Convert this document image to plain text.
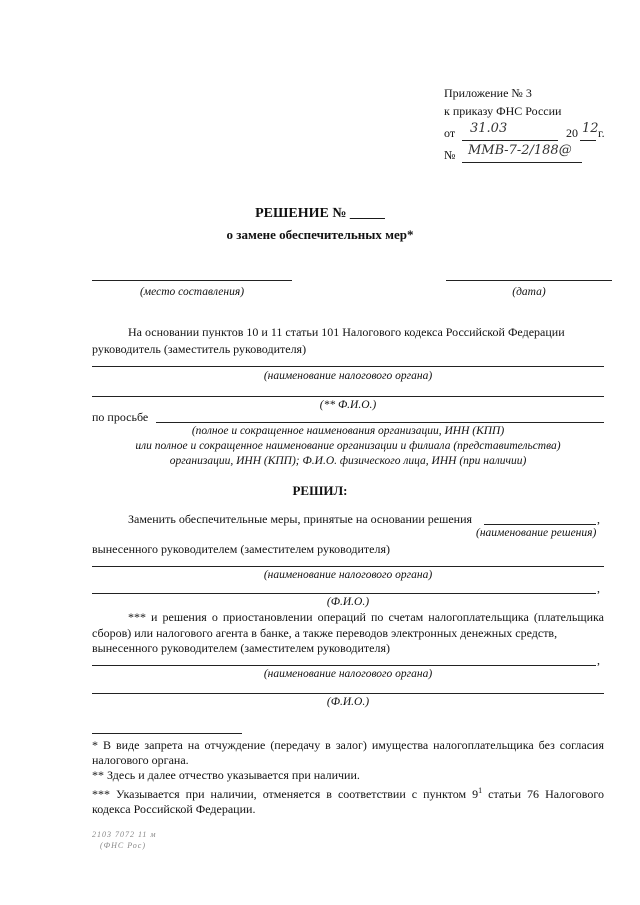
Приложение № 3
к приказу ФНС России
от 31.03	20 12 г.
№ ММВ-7-2/188@
РЕШЕНИЕ № _____
о замене обеспечительных мер*
(место составления)	(дата)
На основании пунктов 10 и 11 статьи 101 Налогового кодекса Российской Федерации
руководитель (заместитель руководителя)
(наименование налогового органа)
(** Ф.И.О.)
по просьбе
(полное и сокращенное наименования организации, ИНН (КПП)
или полное и сокращенное наименование организации и филиала (представительства)
организации, ИНН (КПП); Ф.И.О. физического лица, ИНН (при наличии)
РЕШИЛ:
Заменить обеспечительные меры, принятые на основании решения	,
(наименование решения)
вынесенного руководителем (заместителем руководителя)
(наименование налогового органа)
,
(Ф.И.О.)
*** и решения о приостановлении операций по счетам налогоплательщика (плательщика сборов) или налогового агента в банке, а также переводов электронных денежных средств,
вынесенного руководителем (заместителем руководителя)
,
(наименование налогового органа)
(Ф.И.О.)
* В виде запрета на отчуждение (передачу в залог) имущества налогоплательщика без согласия налогового органа.
** Здесь и далее отчество указывается при наличии.
*** Указывается при наличии, отменяется в соответствии с пунктом $9^1$ статьи 76 Налогового кодекса Российской Федерации.
2103 7072 11 м
(ФНС Рос)
